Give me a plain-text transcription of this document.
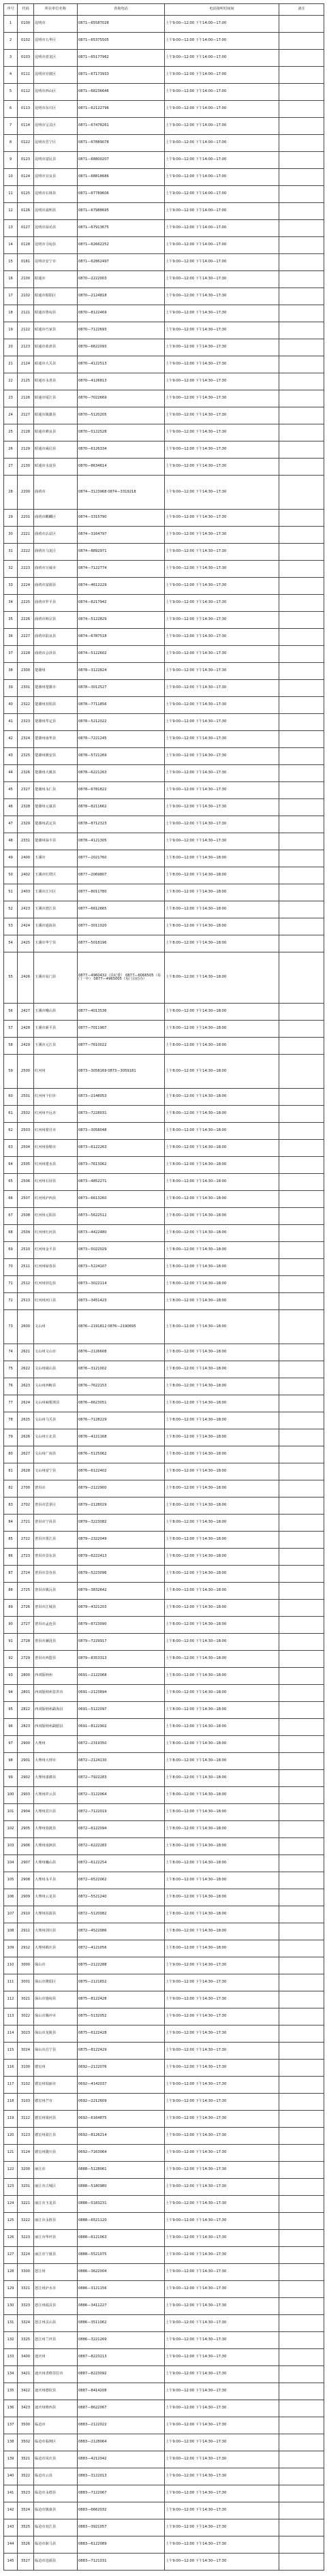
序号	代码	所在单位名称	咨询电话	电话接听时间间	备注
1	0100	昆明市	0871—65587028	上午9:00—12:00 下午14:00—17:00	
2	0102	昆明市五华区	0871—65375505	上午9:00—12:00 下午14:00—17:00	
3	0103	昆明市盘龙区	0871—65177962	上午9:00—12:00 下午14:00—17:00	
4	0111	昆明市官渡区	0871—67173933	上午9:00—12:00 下午14:00—17:00	
5	0112	昆明市西山区	0871—68236646	上午9:00—12:00 下午14:00—17:00	
6	0113	昆明市东川区	0871—62122796	上午9:00—12:00 下午14:00—17:00	
7	0114	昆明市呈贡区	0871—67478261	上午9:00—12:00 下午14:00—17:00	
8	0122	昆明市晋宁区	0871—67889078	上午9:00—12:00 下午14:00—17:00	
9	0123	昆明市富民县	0871—68800207	上午9:00—12:00 下午14:00—17:00	
10	0124	昆明市宜良县	0871—68818686	上午9:00—12:00 下午14:00—17:00	
11	0125	昆明市石林县	0871—67789606	上午9:00—12:00 下午14:00—17:00	
12	0126	昆明市嵩明县	0871—67988695	上午9:00—12:00 下午14:00—17:00	
13	0127	昆明市禄劝县	0871—67913675	上午9:00—12:00 下午14:00—17:00	
14	0128	昆明市寻甸县	0871—62662252	上午9:00—12:00 下午14:00—17:00	
15	0181	昆明市安宁市	0871—62862497	上午9:00—12:00 下午14:00—17:00	
16	2100	昭通市	0870—2222003	上午9:00—12:00 下午14:30—17:30	
17	2102	昭通市昭阳区	0870—2124818	上午9:00—12:00 下午14:30—17:30	
18	2121	昭通市鲁甸县	0870—8122469	上午9:00—12:00 下午14:30—17:30	
19	2122	昭通市巧家县	0870—7122693	上午9:00—12:00 下午14:30—17:30	
20	2123	昭通市盐津县	0870—6622093	上午9:00—12:00 下午14:30—17:30	
21	2124	昭通市大关县	0870—4122513	上午9:00—12:00 下午14:30—17:30	
22	2125	昭通市永善县	0870—4126813	上午9:00—12:00 下午14:30—17:30	
23	2126	昭通市绥江县	0870—7022669	上午9:00—12:00 下午14:30—17:30	
24	2127	昭通市镇雄县	0870—5120205	上午9:00—12:00 下午14:30—17:30	
25	2128	昭通市彝良县	0870—5122528	上午9:00—12:00 下午14:30—17:30	
26	2129	昭通市威信县	0870—6126334	上午9:00—12:00 下午14:30—17:30	
27	2130	昭通市水富县	0870—8634614	上午9:00—12:00 下午14:30—17:30	
28	2200	曲靖市	0874—3123968 0874—3319218	上午9:00—12:00 下午14:30—17:30	
29	2201	曲靖市麒麟区	0874—3315790	上午9:00—12:00 下午14:30—17:30	
30	2221	曲靖市沾益区	0874—3164797	上午9:00—12:00 下午14:30—17:30	
31	2222	曲靖市马龙区	0874—8892971	上午9:00—12:00 下午14:30—17:30	
32	2223	曲靖市宣威市	0874—7122774	上午9:00—12:00 下午14:30—17:30	
33	2224	曲靖市富源县	0874—4612229	上午9:00—12:00 下午14:30—17:30	
34	2225	曲靖市罗平县	0874—8217942	上午9:00—12:00 下午14:30—17:30	
35	2226	曲靖市师宗县	0874—5122829	上午9:00—12:00 下午14:30—17:30	
36	2227	曲靖市陆良县	0874—6787518	上午9:00—12:00 下午14:30—17:30	
37	2228	曲靖市会泽县	0874—5122602	上午9:00—12:00 下午14:30—17:30	
38	2300	楚雄州	0878—3122824	上午9:00—12:00 下午14:30—17:30	
39	2301	楚雄州楚雄市	0878—3012527	上午9:00—12:00 下午14:30—17:30	
40	2322	楚雄州双柏县	0878—7711856	上午9:00—12:00 下午14:30—17:30	
41	2323	楚雄州牟定县	0878—5212022	上午9:00—12:00 下午14:30—17:30	
42	2324	楚雄州南华县	0878—7221245	上午9:00—12:00 下午14:30—17:30	
43	2325	楚雄州姚安县	0878—5721269	上午9:00—12:00 下午14:30—17:30	
44	2326	楚雄州大姚县	0878—6221263	上午9:00—12:00 下午14:30—17:30	
45	2327	楚雄州永仁县	0878—6781822	上午9:00—12:00 下午14:30—17:30	
46	2328	楚雄州元谋县	0878—8211662	上午9:00—12:00 下午14:30—17:30	
47	2329	楚雄州武定县	0878—8712323	上午9:00—12:00 下午14:30—17:30	
48	2331	楚雄州禄丰县	0878—4121305	上午9:00—12:00 下午14:30—17:30	
49	2400	玉溪市	0877—2021760	上午8:00—12:00 下午14:30—18:00	
50	2402	玉溪市红塔区	0877—2069807	上午8:00—12:00 下午14:30—18:00	
51	2403	玉溪市江川区	0877—8011780	上午8:00—12:00 下午14:30—18:00	
52	2423	玉溪市澄江县	0877—6612665	上午8:00—12:00 下午14:30—18:00	
53	2424	玉溪市通海县	0877—3011020	上午8:00—12:00 下午14:30—18:00	
54	2425	玉溪市华宁县	0877—5018196	上午8:00—12:00 下午14:30—18:00	
55	2426	玉溪市易门县	0877—4960432（县纪委） 0877—6066505（易门一中） 0877—4965005（易门县招办）	上午8:00—12:00 下午14:30—18:00	
56	2427	玉溪市峨山县	0877—4013536	上午8:00—12:00 下午14:30—18:00	
57	2428	玉溪市新平县	0877—7011907	上午8:00—12:00 下午14:30—18:00	
58	2429	玉溪市元江县	0877—7610022	上午8:00—12:00 下午14:30—18:00	
59	2500	红河州	0873—3058169 0873—3059181	上午8:00—12:00 下午14:30—18:00	
60	2501	红河州个旧市	0873—2148053	上午8:00—12:00 下午14:30—18:00	
61	2502	红河州开远市	0873—7228031	上午8:00—12:00 下午14:30—18:00	
62	2503	红河州蒙自市	0873—3058048	上午8:00—12:00 下午14:30—18:00	
63	2504	红河州弥勒市	0873—6122263	上午8:00—12:00 下午14:30—18:00	
64	2505	红河州建水县	0873—7613062	上午8:00—12:00 下午14:30—18:00	
65	2506	红河州石屏县	0873—4852271	上午8:00—12:00 下午14:30—18:00	
66	2507	红河州泸西县	0873—6613260	上午8:00—12:00 下午14:30—18:00	
67	2508	红河州元阳县	0873—5622512	上午8:00—12:00 下午14:30—18:00	
68	2509	红河州红河县	0873—4422480	上午8:00—12:00 下午14:30—18:00	
69	2510	红河州金平县	0873—5022029	上午8:00—12:00 下午14:30—18:00	
70	2511	红河州绿春县	0873—5224107	上午8:00—12:00 下午14:30—18:00	
71	2512	红河州屏边县	0873—3022114	上午8:00—12:00 下午14:30—18:00	
72	2513	红河州河口县	0873—3451423	上午8:00—12:00 下午14:30—18:00	
73	2600	文山州	0876—2191812 0876—2190695	上午8:00—12:00 下午14:30—18:00	
74	2621	文山州文山市	0876—2126608	上午8:00—12:00 下午14:30—18:00	
75	2622	文山州砚山县	0876—3121002	上午8:00—12:00 下午14:30—18:00	
76	2623	文山州西畴县	0876—7622153	上午8:00—12:00 下午14:30—18:00	
77	2624	文山州麻栗坡县	0876—6623051	上午8:00—12:00 下午14:30—18:00	
78	2625	文山州马关县	0876—7128229	上午8:00—12:00 下午14:30—18:00	
79	2626	文山州丘北县	0876—4121168	上午8:00—12:00 下午14:30—18:00	
80	2627	文山州广南县	0876—5125062	上午8:00—12:00 下午14:30—18:00	
81	2628	文山州富宁县	0876—6122402	上午8:00—12:00 下午14:30—18:00	
82	2700	普洱市	0879—2122900	上午8:00—12:00 下午14:30—18:00	
83	2702	普洱市思茅区	0879—2128029	上午8:00—12:00 下午14:30—18:00	
84	2721	普洱市宁洱县	0879—3223082	上午8:00—12:00 下午14:30—18:00	
85	2722	普洱市墨江县	0879—2322049	上午8:00—12:00 下午14:30—18:00	
86	2723	普洱市景东县	0879—6222413	上午8:00—12:00 下午14:30—18:00	
87	2724	普洱市景谷县	0879—5223096	上午8:00—12:00 下午14:30—18:00	
88	2725	普洱市镇沅县	0879—3832642	上午8:00—12:00 下午14:30—18:00	
89	2726	普洱市江城县	0879—4321203	上午8:00—12:00 下午14:30—18:00	
90	2727	普洱市孟连县	0879—8723090	上午8:00—12:00 下午14:30—18:00	
91	2728	普洱市澜沧县	0879—7229917	上午8:00—12:00 下午14:30—18:00	
92	2729	普洱市西盟县	0879—8353313	上午8:00—12:00 下午14:30—18:00	
93	2800	西双版纳州	0691—2122068	上午8:00—12:00 下午14:30—18:00	
94	2801	西双版纳州景洪市	0691—2123894	上午8:00—12:00 下午14:30—18:00	
95	2822	西双版纳州勐海县	0691—5122097	上午8:00—12:00 下午14:30—18:00	
96	2823	西双版纳州勐腊县	0691—8122902	上午8:00—12:00 下午14:30—18:00	
97	2900	大理州	0872—2319350	上午8:00—12:00 下午14:30—18:00	
98	2901	大理州大理市	0872—2124130	上午8:00—12:00 下午14:30—18:00	
99	2902	大理州漾濞县	0872—7922283	上午8:00—12:00 下午14:30—18:00	
100	2903	大理州祥云县	0872—3122064	上午8:00—12:00 下午14:30—18:00	
101	2904	大理州宾川县	0872—7122019	上午8:00—12:00 下午14:30—18:00	
102	2905	大理州弥渡县	0872—6122094	上午8:00—12:00 下午14:30—18:00	
103	2906	大理州南涧县	0872—6222283	上午8:00—12:00 下午14:30—18:00	
104	2907	大理州巍山县	0872—6122254	上午8:00—12:00 下午14:30—18:00	
105	2908	大理州永平县	0872—6522062	上午8:00—12:00 下午14:30—18:00	
106	2909	大理州云龙县	0872—5521240	上午8:00—12:00 下午14:30—18:00	
107	2910	大理州洱源县	0872—5120082	上午8:00—12:00 下午14:30—18:00	
108	2911	大理州剑川县	0872—4522086	上午8:00—12:00 下午14:30—18:00	
109	2912	大理州鹤庆县	0872—4121056	上午8:00—12:00 下午14:30—18:00	
110	3000	保山市	0875—2122288	上午9:00—12:00 下午14:30—17:30	
111	3001	保山市隆阳区	0875—2121652	上午9:00—12:00 下午14:30—17:30	
112	3021	保山市施甸县	0875—8122428	上午9:00—12:00 下午14:30—17:30	
113	3022	保山市腾冲市	0875—5132052	上午9:00—12:00 下午14:30—17:30	
114	3023	保山市龙陵县	0875—6122428	上午9:00—12:00 下午14:30—17:30	
115	3024	保山市昌宁县	0875—8122429	上午9:00—12:00 下午14:30—17:30	
116	3100	德宏州	0692—2122076	上午9:00—12:00 下午14:30—17:30	
117	3102	德宏州瑞丽市	0692—4142037	上午9:00—12:00 下午14:30—17:30	
118	3103	德宏州芒市	0692—2212609	上午9:00—12:00 下午14:30—17:30	
119	3122	德宏州梁河县	0692—6164875	上午9:00—12:00 下午14:30—17:30	
120	3123	德宏州盈江县	0692—8126214	上午9:00—12:00 下午14:30—17:30	
121	3124	德宏州陇川县	0692—7163064	上午9:00—12:00 下午14:30—17:30	
122	3200	丽江市	0888—5128061	上午9:00—12:00 下午14:30—17:30	
123	3201	丽江市古城区	0888—5180980	上午9:00—12:00 下午14:30—17:30	
124	3221	丽江市玉龙县	0888—5183231	上午9:00—12:00 下午14:30—17:30	
125	3222	丽江市永胜县	0888—6521120	上午9:00—12:00 下午14:30—17:30	
126	3223	丽江市华坪县	0888—6121063	上午9:00—12:00 下午14:30—17:30	
127	3224	丽江市宁蒗县	0888—5521075	上午9:00—12:00 下午14:30—17:30	
128	3300	怒江州	0886—3622004	上午9:00—12:00 下午14:30—17:30	
129	3321	怒江州泸水市	0886—3121156	上午9:00—12:00 下午14:30—17:30	
130	3323	怒江州福贡县	0886—3411227	上午9:00—12:00 下午14:30—17:30	
131	3324	怒江州贡山县	0886—3511062	上午9:00—12:00 下午14:30—17:30	
132	3325	怒江州兰坪县	0886—3221269	上午9:00—12:00 下午14:30—17:30	
133	3400	迪庆州	0887—8223213	上午9:00—12:00 下午14:30—17:30	
134	3421	迪庆州香格里拉市	0887—8223092	上午9:00—12:00 下午14:30—17:30	
135	3422	迪庆州德钦县	0887—8414208	上午9:00—12:00 下午14:30—17:30	
136	3423	迪庆州维西县	0887—8622067	上午9:00—12:00 下午14:30—17:30	
137	3500	临沧市	0883—2122022	上午9:00—12:00 下午14:30—17:30	
138	3502	临沧市临翔区	0883—2128064	上午9:00—12:00 下午14:30—17:30	
139	3521	临沧市凤庆县	0883—4212042	上午9:00—12:00 下午14:30—17:30	
140	3522	临沧市云县	0883—3122013	上午9:00—12:00 下午14:30—17:30	
141	3523	临沧市永德县	0883—7122067	上午9:00—12:00 下午14:30—17:30	
142	3524	临沧市镇康县	0883—6662032	上午9:00—12:00 下午14:30—17:30	
143	3525	临沧市双江县	0883—3921057	上午9:00—12:00 下午14:30—17:30	
144	3526	临沧市耿马县	0883—6122089	上午9:00—12:00 下午14:30—17:30	
145	3527	临沧市沧源县	0883—7121031	上午9:00—12:00 下午14:30—17:30	
